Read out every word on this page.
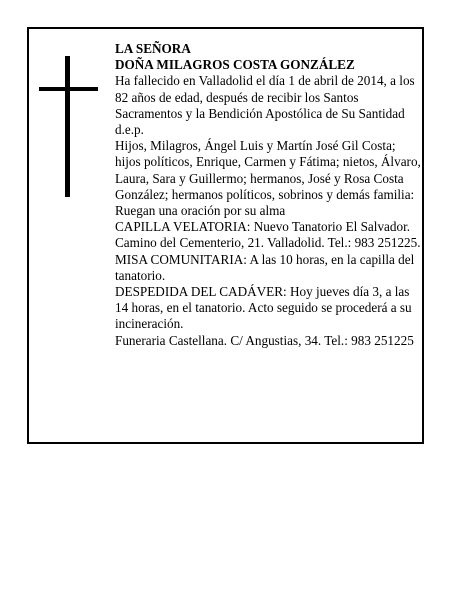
LA SEÑORA

DOÑA MILAGROS COSTA GONZÁLEZ

Ha fallecido en Valladolid el día 1 de abril de 2014, a los 82 años de edad, después de recibir los Santos Sacramentos y la Bendición Apostólica de Su Santidad d.e.p.

Hijos, Milagros, Ángel Luis y Martín José Gil Costa; hijos políticos, Enrique, Carmen y Fátima; nietos, Álvaro, Laura, Sara y Guillermo; hermanos, José y Rosa Costa González; hermanos políticos, sobrinos y demás familia:

Ruegan una oración por su alma

CAPILLA VELATORIA: Nuevo Tanatorio El Salvador. Camino del Cementerio, 21. Valladolid. Tel.: 983 251225. MISA COMUNITARIA: A las 10 horas, en la capilla del tanatorio.

DESPEDIDA DEL CADÁVER: Hoy jueves día 3, a las 14 horas, en el tanatorio. Acto seguido se procederá a su incineración.

Funeraria Castellana. C/ Angustias, 34. Tel.: 983 251225
